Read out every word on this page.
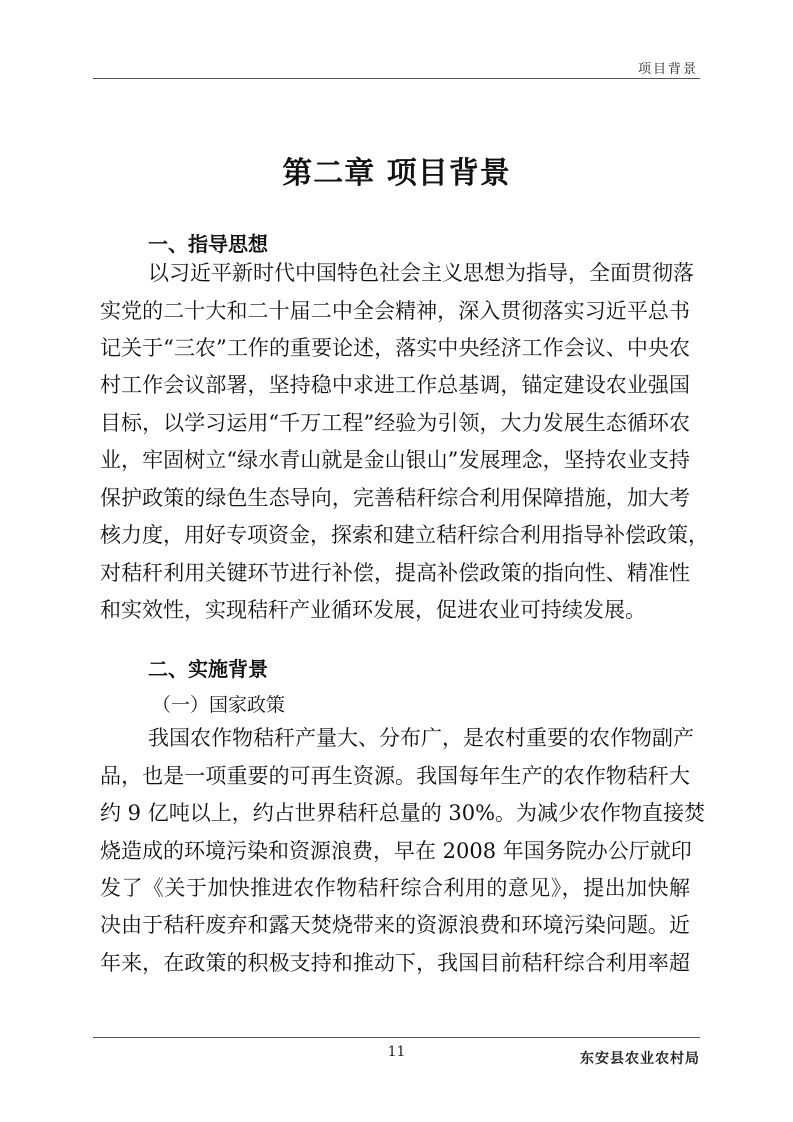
项目背景
第二章 项目背景
一、指导思想
以习近平新时代中国特色社会主义思想为指导，全面贯彻落
实党的二十大和二十届二中全会精神，深入贯彻落实习近平总书
记关于“三农”工作的重要论述，落实中央经济工作会议、中央农
村工作会议部署，坚持稳中求进工作总基调，锚定建设农业强国
目标，以学习运用“千万工程”经验为引领，大力发展生态循环农
业，牢固树立“绿水青山就是金山银山”发展理念，坚持农业支持
保护政策的绿色生态导向，完善秸秆综合利用保障措施，加大考
核力度，用好专项资金，探索和建立秸秆综合利用指导补偿政策，
对秸秆利用关键环节进行补偿，提高补偿政策的指向性、精准性
和实效性，实现秸秆产业循环发展，促进农业可持续发展。
二、实施背景
（一）国家政策
我国农作物秸秆产量大、分布广，是农村重要的农作物副产
品，也是一项重要的可再生资源。我国每年生产的农作物秸秆大
约 9 亿吨以上，约占世界秸秆总量的 30%。为减少农作物直接焚
烧造成的环境污染和资源浪费，早在 2008 年国务院办公厅就印
发了《关于加快推进农作物秸秆综合利用的意见》，提出加快解
决由于秸秆废弃和露天焚烧带来的资源浪费和环境污染问题。近
年来，在政策的积极支持和推动下，我国目前秸秆综合利用率超
11	东安县农业农村局
